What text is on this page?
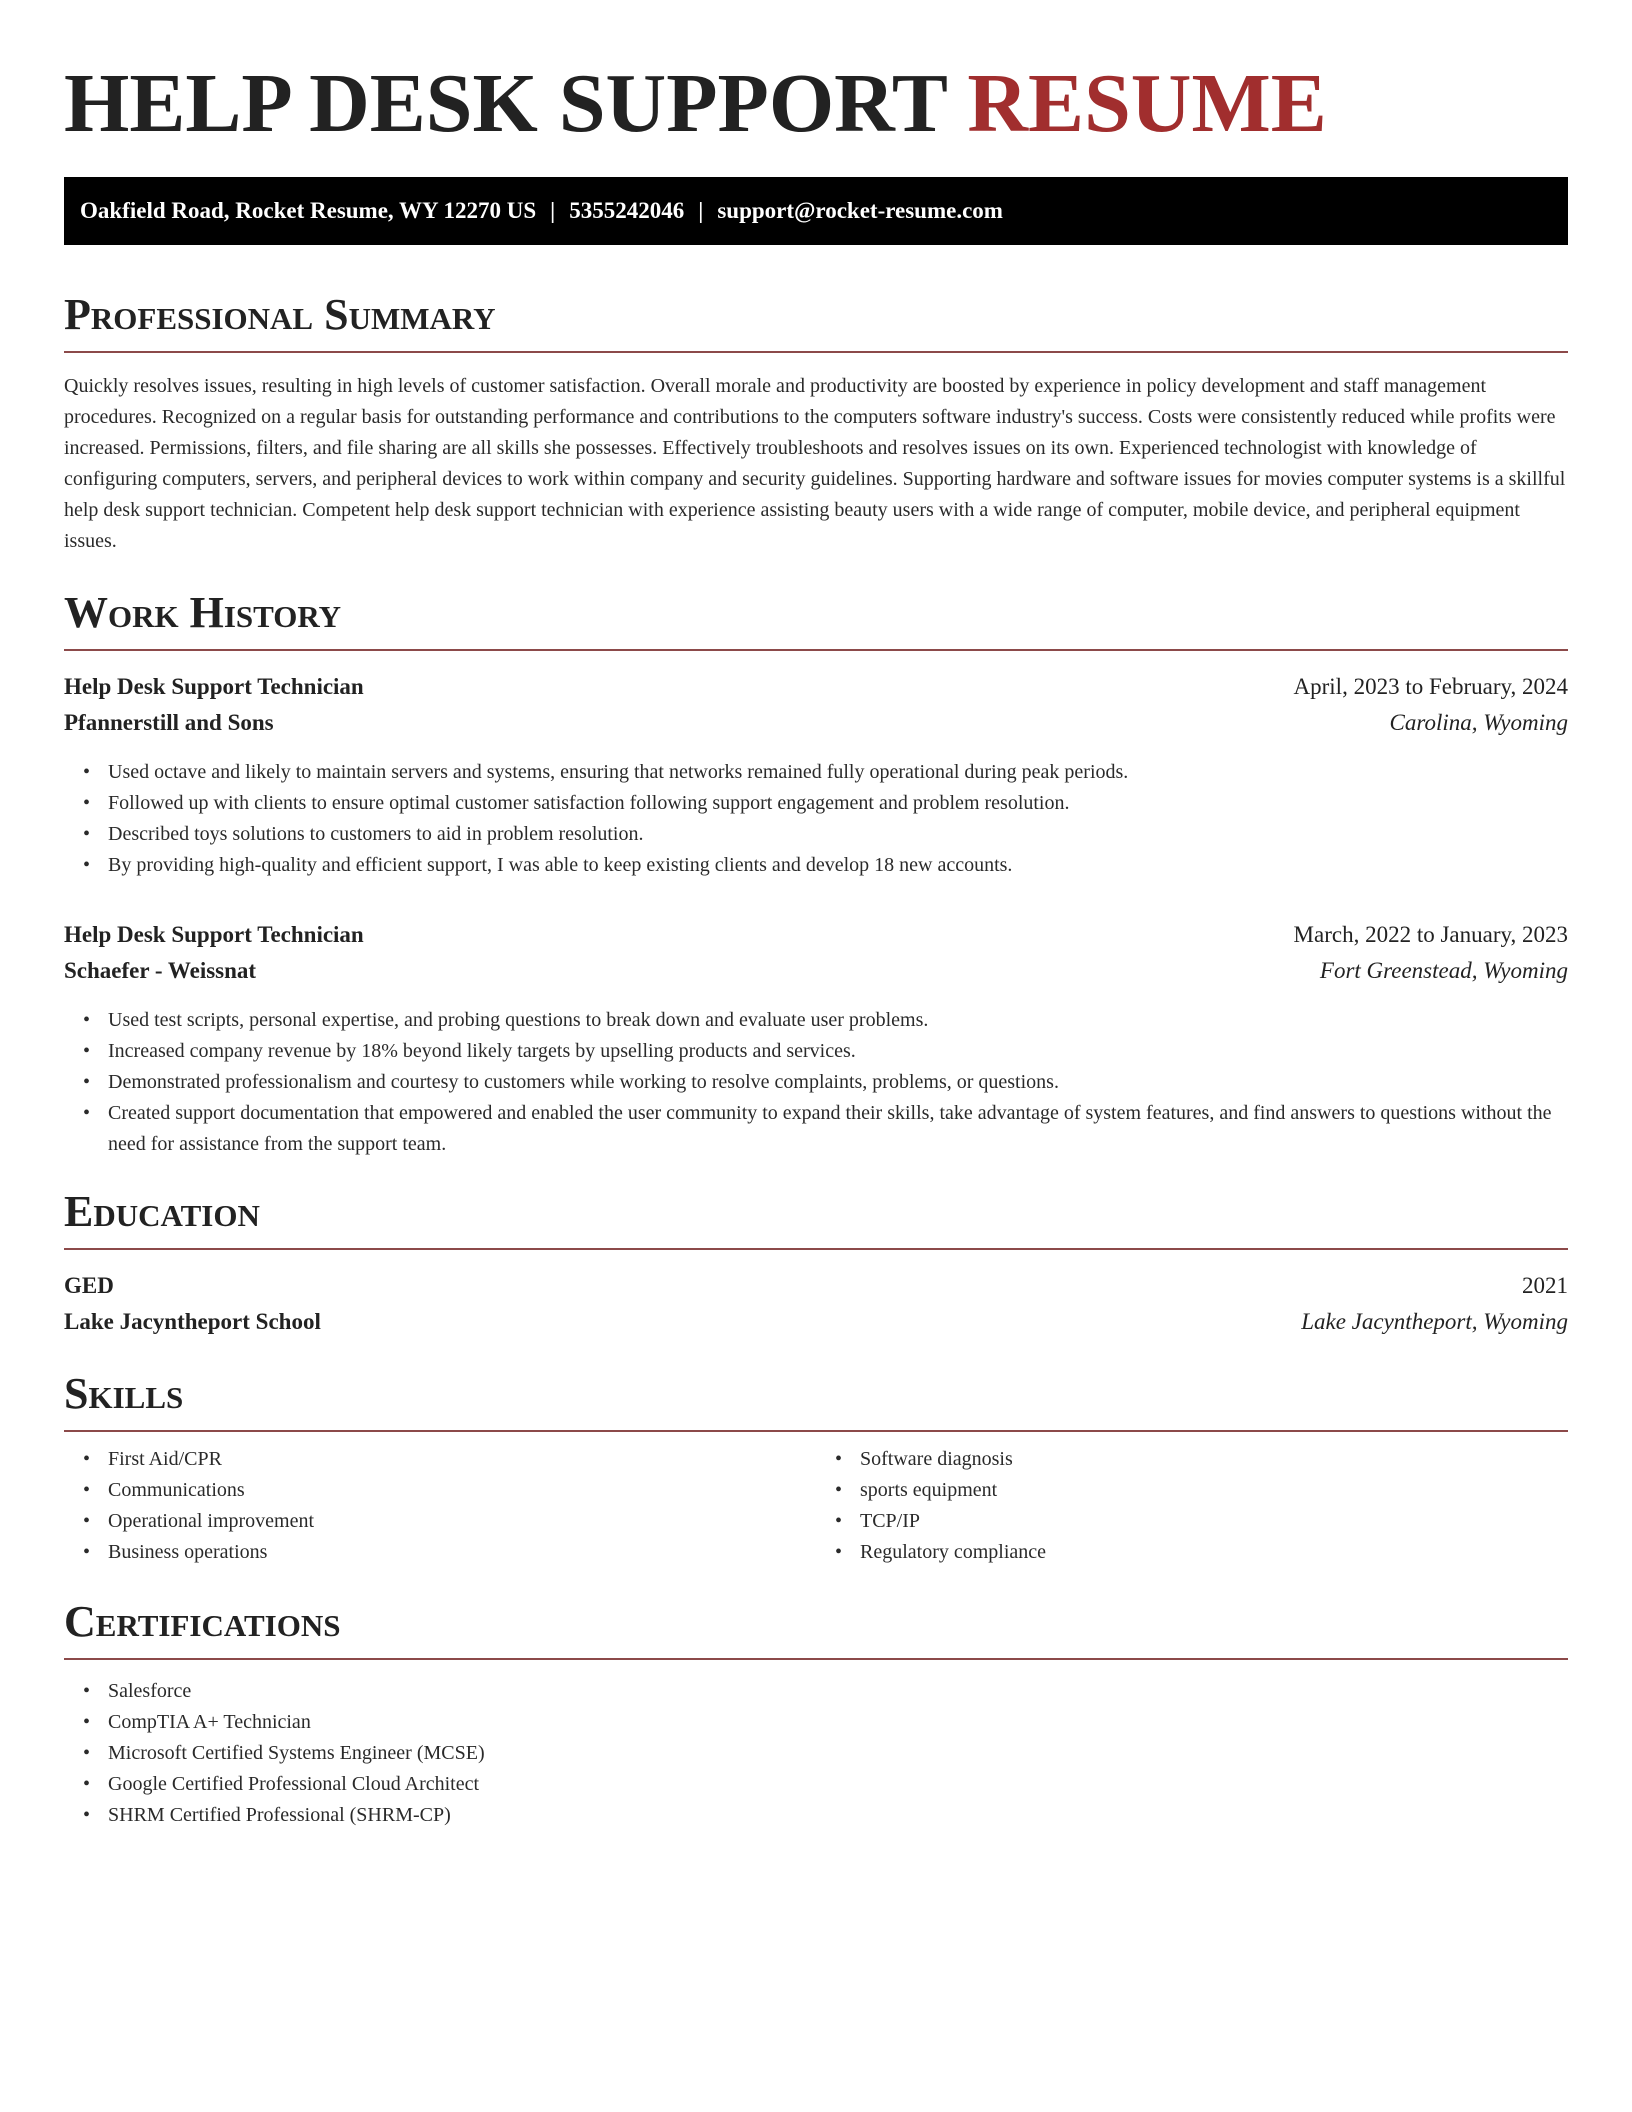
HELP DESK SUPPORT RESUME
Oakfield Road, Rocket Resume, WY 12270 US | 5355242046 | support@rocket-resume.com
Professional Summary

Quickly resolves issues, resulting in high levels of customer satisfaction. Overall morale and productivity are boosted by experience in policy development and staff management procedures. Recognized on a regular basis for outstanding performance and contributions to the computers software industry's success. Costs were consistently reduced while profits were increased. Permissions, filters, and file sharing are all skills she possesses. Effectively troubleshoots and resolves issues on its own. Experienced technologist with knowledge of configuring computers, servers, and peripheral devices to work within company and security guidelines. Supporting hardware and software issues for movies computer systems is a skillful help desk support technician. Competent help desk support technician with experience assisting beauty users with a wide range of computer, mobile device, and peripheral equipment issues.

Work History
Help Desk Support Technician	April, 2023 to February, 2024
Pfannerstill and Sons	Carolina, Wyoming
• Used octave and likely to maintain servers and systems, ensuring that networks remained fully operational during peak periods.
• Followed up with clients to ensure optimal customer satisfaction following support engagement and problem resolution.
• Described toys solutions to customers to aid in problem resolution.
• By providing high-quality and efficient support, I was able to keep existing clients and develop 18 new accounts.
Help Desk Support Technician	March, 2022 to January, 2023
Schaefer - Weissnat	Fort Greenstead, Wyoming
• Used test scripts, personal expertise, and probing questions to break down and evaluate user problems.
• Increased company revenue by 18% beyond likely targets by upselling products and services.
• Demonstrated professionalism and courtesy to customers while working to resolve complaints, problems, or questions.
• Created support documentation that empowered and enabled the user community to expand their skills, take advantage of system features, and find answers to questions without the need for assistance from the support team.
Education
GED	2021
Lake Jacyntheport School	Lake Jacyntheport, Wyoming
Skills
• First Aid/CPR
• Communications
• Operational improvement
• Business operations
• Software diagnosis
• sports equipment
• TCP/IP
• Regulatory compliance
Certifications
• Salesforce
• CompTIA A+ Technician
• Microsoft Certified Systems Engineer (MCSE)
• Google Certified Professional Cloud Architect
• SHRM Certified Professional (SHRM-CP)
